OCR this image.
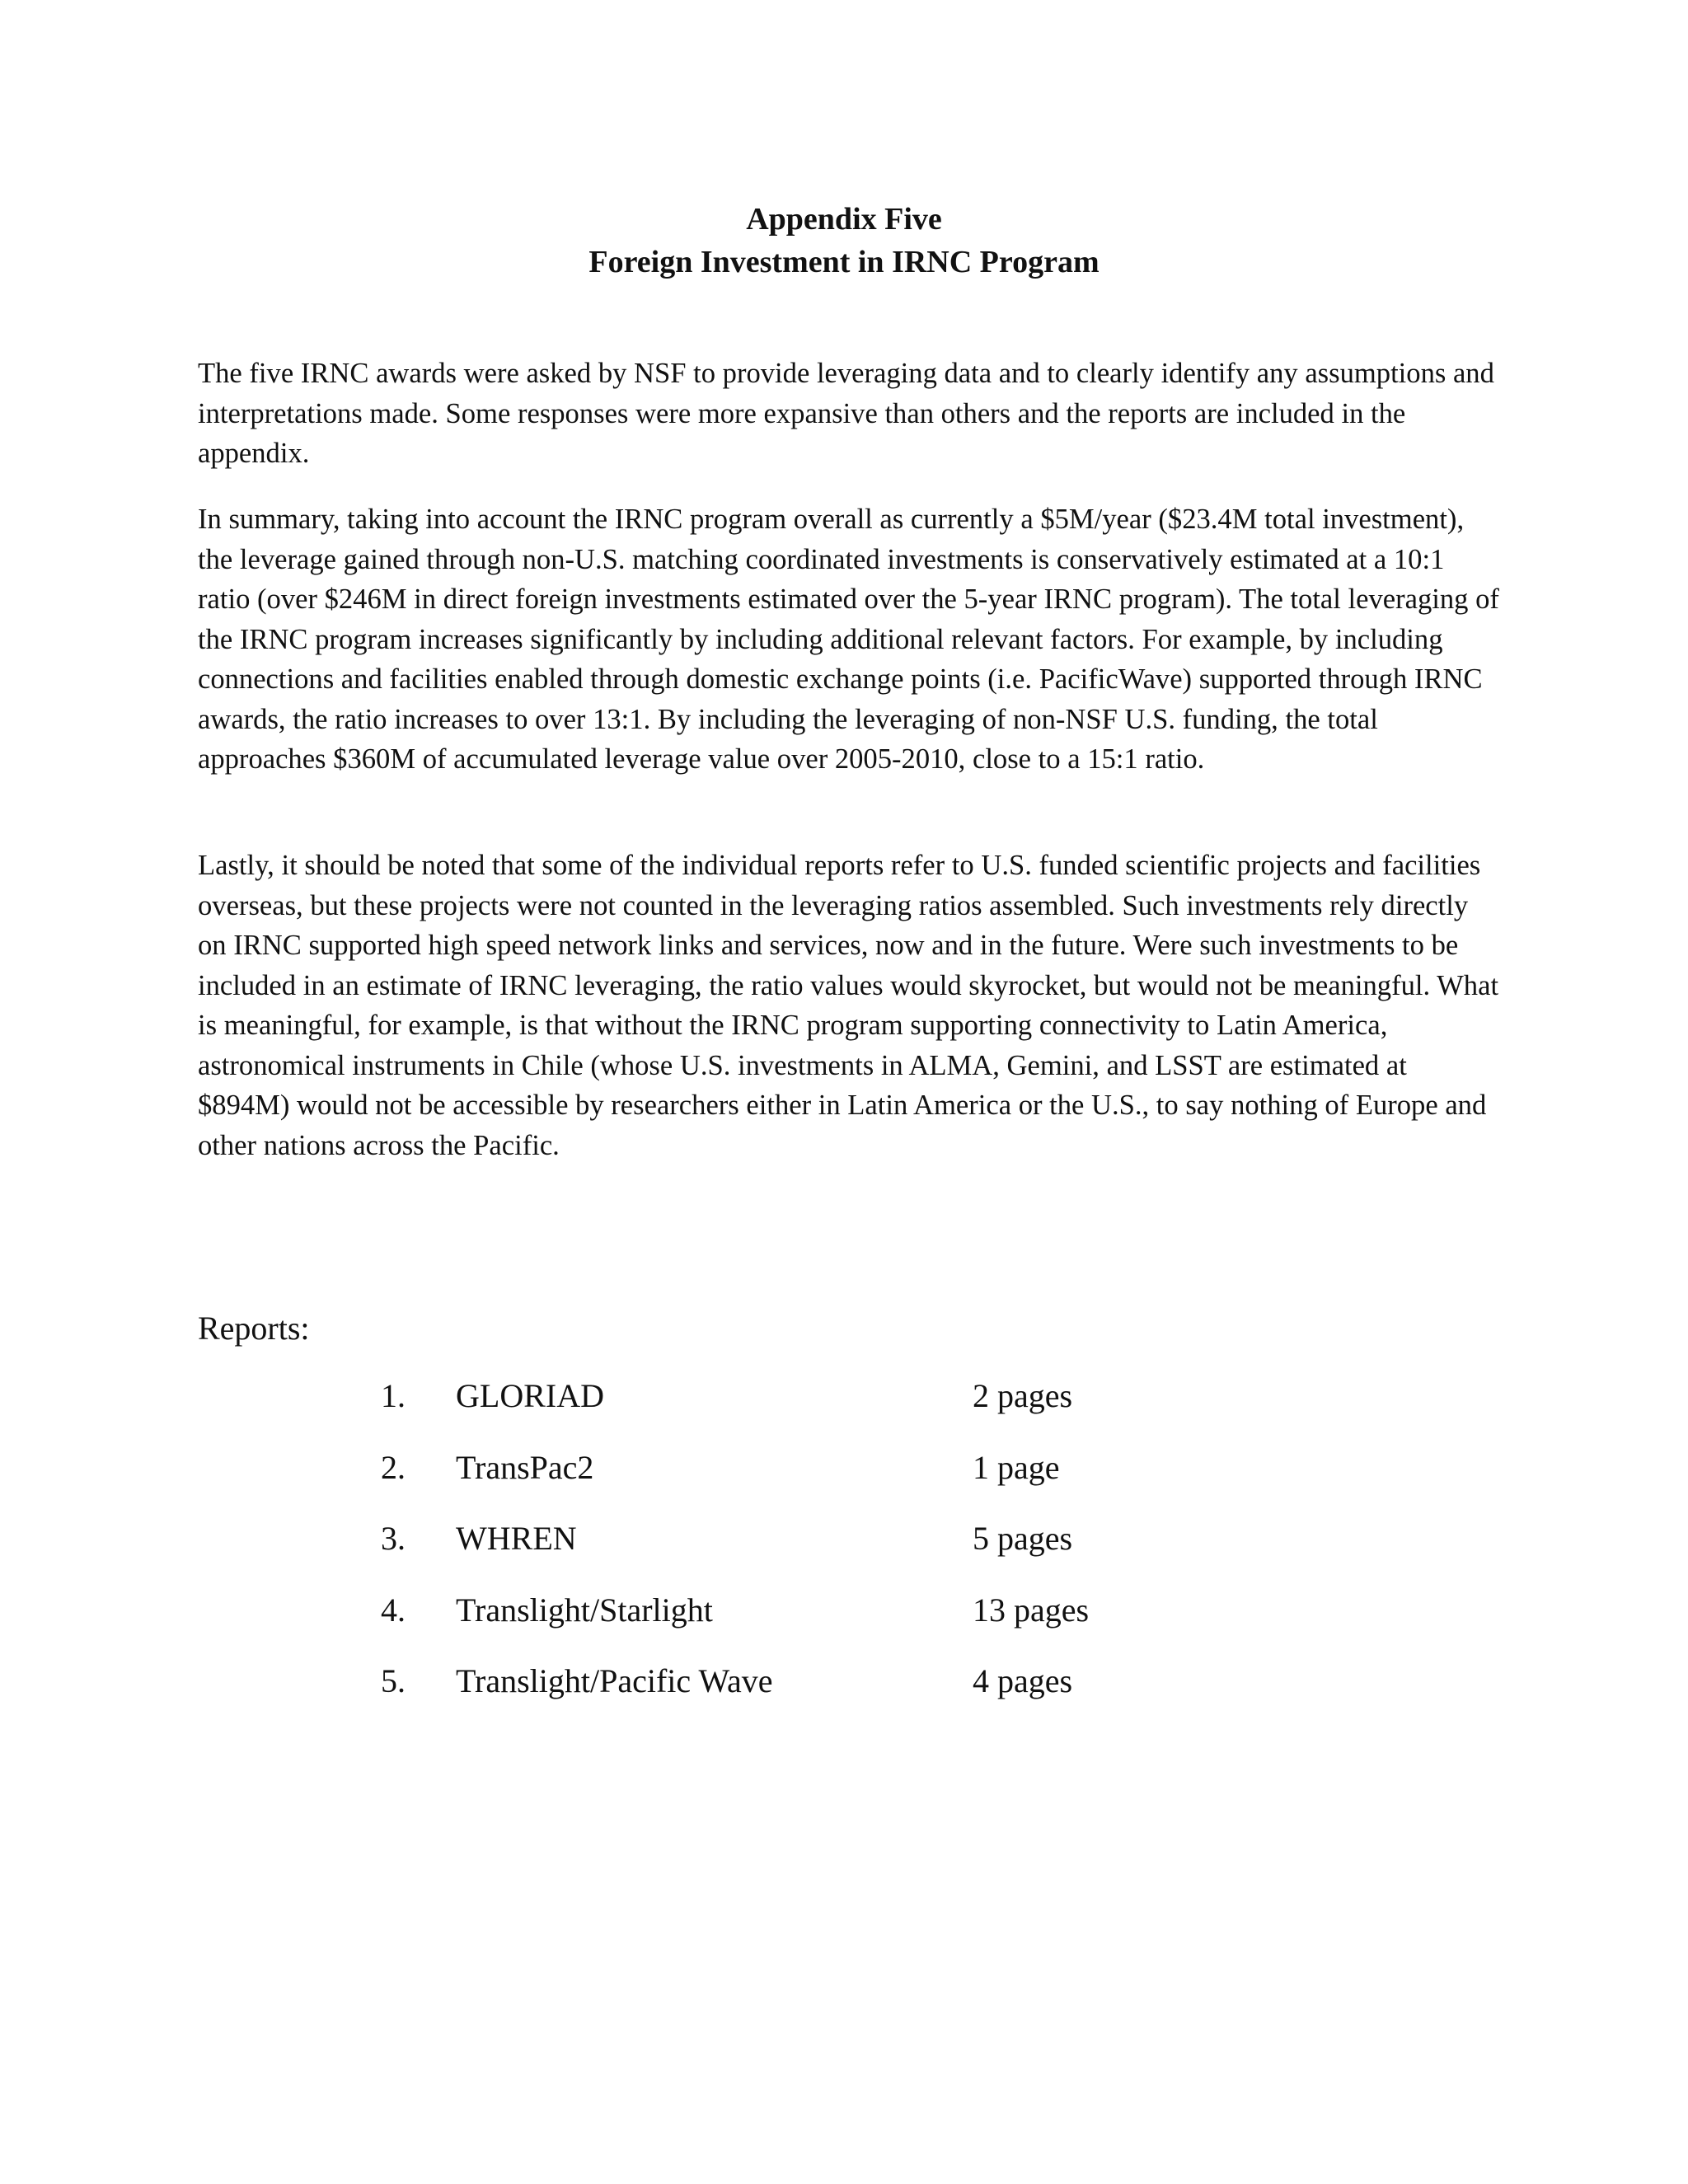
Appendix Five
Foreign Investment in IRNC Program

The five IRNC awards were asked by NSF to provide leveraging data and to clearly identify any assumptions and interpretations made. Some responses were more expansive than others and the reports are included in the appendix.

In summary, taking into account the IRNC program overall as currently a $5M/year ($23.4M total investment), the leverage gained through non-U.S. matching coordinated investments is conservatively estimated at a 10:1 ratio (over $246M in direct foreign investments estimated over the 5-year IRNC program). The total leveraging of the IRNC program increases significantly by including additional relevant factors. For example, by including connections and facilities enabled through domestic exchange points (i.e. PacificWave) supported through IRNC awards, the ratio increases to over 13:1. By including the leveraging of non-NSF U.S. funding, the total approaches $360M of accumulated leverage value over 2005-2010, close to a 15:1 ratio.

Lastly, it should be noted that some of the individual reports refer to U.S. funded scientific projects and facilities overseas, but these projects were not counted in the leveraging ratios assembled. Such investments rely directly on IRNC supported high speed network links and services, now and in the future. Were such investments to be included in an estimate of IRNC leveraging, the ratio values would skyrocket, but would not be meaningful. What is meaningful, for example, is that without the IRNC program supporting connectivity to Latin America, astronomical instruments in Chile (whose U.S. investments in ALMA, Gemini, and LSST are estimated at $894M) would not be accessible by researchers either in Latin America or the U.S., to say nothing of Europe and other nations across the Pacific.

Reports:
1. GLORIAD	2 pages
2. TransPac2	1 page
3. WHREN	5 pages
4. Translight/Starlight	13 pages
5. Translight/Pacific Wave	4 pages
